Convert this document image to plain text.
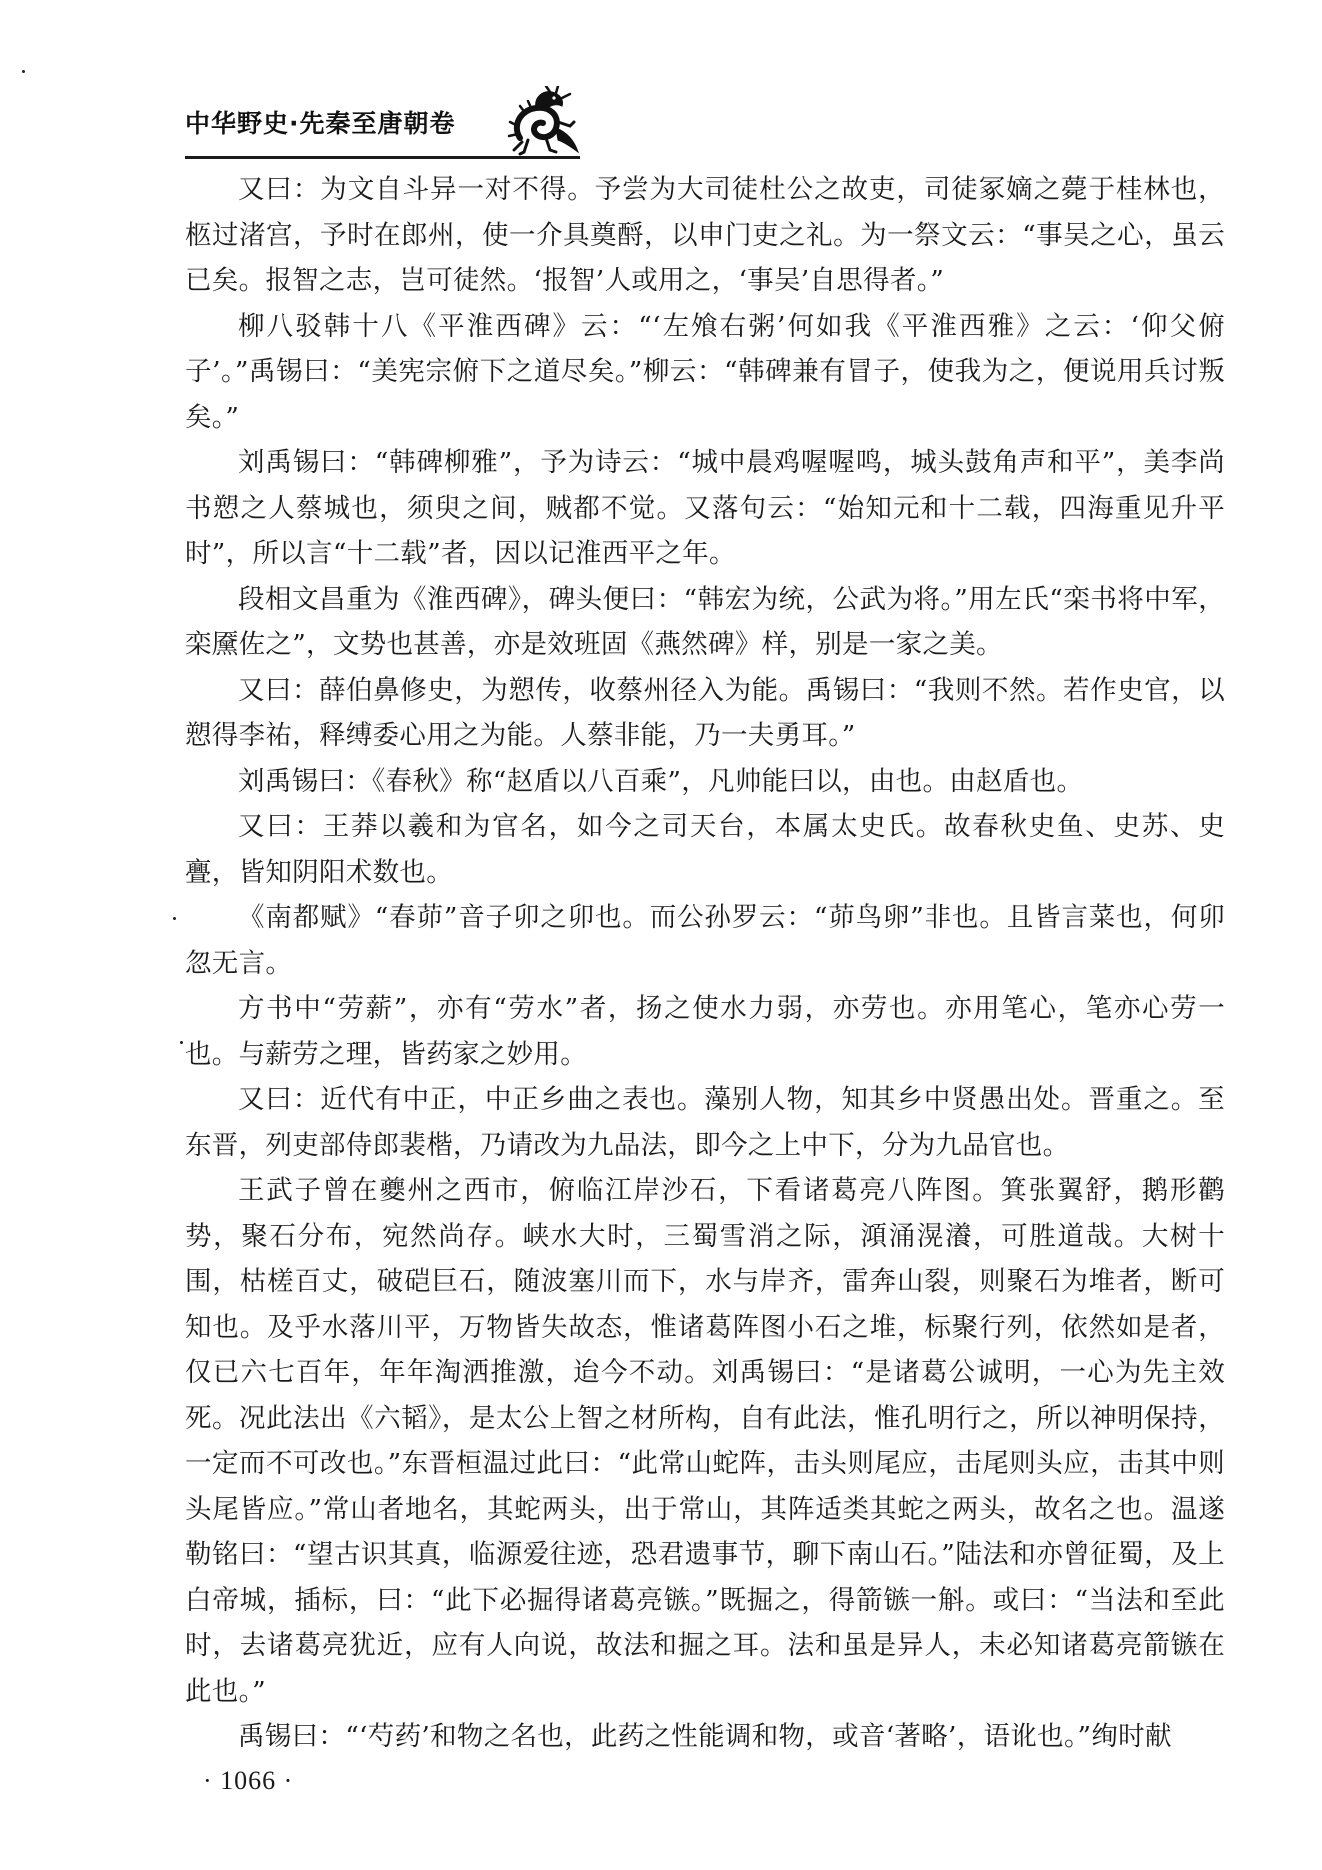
中华野史·先秦至唐朝卷

又曰：为文自斗异一对不得。予尝为大司徒杜公之故吏，司徒冢嫡之薨于桂林也，柩过渚宫，予时在郎州，使一介具奠酹，以申门吏之礼。为一祭文云：“事吴之心，虽云已矣。报智之志，岂可徒然。‘报智’人或用之，‘事吴’自思得者。”

柳八驳韩十八《平淮西碑》云：“‘左飧右粥’何如我《平淮西雅》之云：‘仰父俯子’。”禹锡曰：“美宪宗俯下之道尽矣。”柳云：“韩碑兼有冒子，使我为之，便说用兵讨叛矣。”

刘禹锡曰：“韩碑柳雅”，予为诗云：“城中晨鸡喔喔鸣，城头鼓角声和平”，美李尚书愬之人蔡城也，须臾之间，贼都不觉。又落句云：“始知元和十二载，四海重见升平时”，所以言“十二载”者，因以记淮西平之年。

段相文昌重为《淮西碑》，碑头便曰：“韩宏为统，公武为将。”用左氏“栾书将中军，栾黡佐之”，文势也甚善，亦是效班固《燕然碑》样，别是一家之美。

又曰：薛伯鼻修史，为愬传，收蔡州径入为能。禹锡曰：“我则不然。若作史官，以愬得李祐，释缚委心用之为能。人蔡非能，乃一夫勇耳。”

刘禹锡曰：《春秋》称“赵盾以八百乘”，凡帅能曰以，由也。由赵盾也。

又曰：王莽以羲和为官名，如今之司天台，本属太史氏。故春秋史鱼、史苏、史亹，皆知阴阳术数也。

《南都赋》“春茆”音子卯之卯也。而公孙罗云：“茆鸟卵”非也。且皆言菜也，何卯忽无言。

方书中“劳薪”，亦有“劳水”者，扬之使水力弱，亦劳也。亦用笔心，笔亦心劳一也。与薪劳之理，皆药家之妙用。

又曰：近代有中正，中正乡曲之表也。藻别人物，知其乡中贤愚出处。晋重之。至东晋，列吏部侍郎裴楷，乃请改为九品法，即今之上中下，分为九品官也。

王武子曾在夔州之西市，俯临江岸沙石，下看诸葛亮八阵图。箕张翼舒，鹅形鹳势，聚石分布，宛然尚存。峡水大时，三蜀雪消之际，澒涌滉瀁，可胜道哉。大树十围，枯槎百丈，破硙巨石，随波塞川而下，水与岸齐，雷奔山裂，则聚石为堆者，断可知也。及乎水落川平，万物皆失故态，惟诸葛阵图小石之堆，标聚行列，依然如是者，仅已六七百年，年年淘洒推激，迨今不动。刘禹锡曰：“是诸葛公诚明，一心为先主效死。况此法出《六韬》，是太公上智之材所构，自有此法，惟孔明行之，所以神明保持，一定而不可改也。”东晋桓温过此曰：“此常山蛇阵，击头则尾应，击尾则头应，击其中则头尾皆应。”常山者地名，其蛇两头，出于常山，其阵适类其蛇之两头，故名之也。温遂勒铭曰：“望古识其真，临源爱往迹，恐君遗事节，聊下南山石。”陆法和亦曾征蜀，及上白帝城，插标，曰：“此下必掘得诸葛亮镞。”既掘之，得箭镞一斛。或曰：“当法和至此时，去诸葛亮犹近，应有人向说，故法和掘之耳。法和虽是异人，未必知诸葛亮箭镞在此也。”

禹锡曰：“‘芍药’和物之名也，此药之性能调和物，或音‘著略’，语讹也。”绚时献

· 1066 ·
